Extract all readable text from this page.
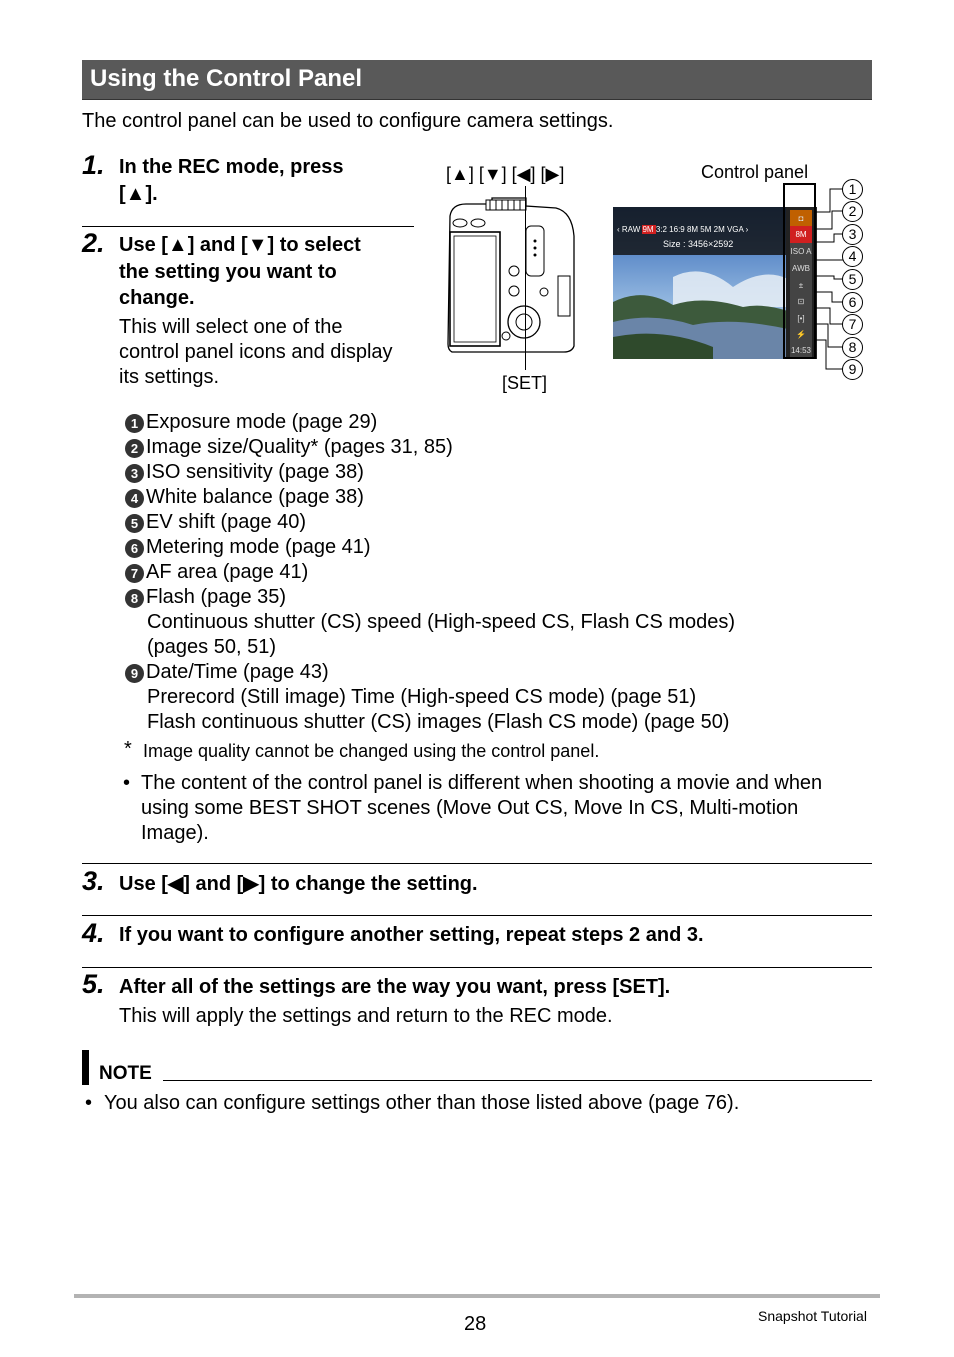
Using the Control Panel
The control panel can be used to configure camera settings.
1. In the REC mode, press
[▲].
2. Use [▲] and [▼] to select
the setting you want to
change.
This will select one of the
control panel icons and display
its settings.
[▲] [▼] [◀] [▶]
[SET]
Control panel
‹ RAW 9M 3:2 16:9 8M 5M 2M VGA ›
Size : 3456×2592
◘
8M
ISO A
AWB
±
⊡
[•]
⚡
14:53
1
2
3
4
5
6
7
8
9
1 Exposure mode (page 29)
2 Image size/Quality* (pages 31, 85)
3 ISO sensitivity (page 38)
4 White balance (page 38)
5 EV shift (page 40)
6 Metering mode (page 41)
7 AF area (page 41)
8 Flash (page 35)
Continuous shutter (CS) speed (High-speed CS, Flash CS modes)
(pages 50, 51)
9 Date/Time (page 43)
Prerecord (Still image) Time (High-speed CS mode) (page 51)
Flash continuous shutter (CS) images (Flash CS mode) (page 50)
* Image quality cannot be changed using the control panel.
• The content of the control panel is different when shooting a movie and when
using some BEST SHOT scenes (Move Out CS, Move In CS, Multi-motion
Image).
3. Use [◀] and [▶] to change the setting.
4. If you want to configure another setting, repeat steps 2 and 3.
5. After all of the settings are the way you want, press [SET].
This will apply the settings and return to the REC mode.
NOTE
• You also can configure settings other than those listed above (page 76).
28	Snapshot Tutorial
